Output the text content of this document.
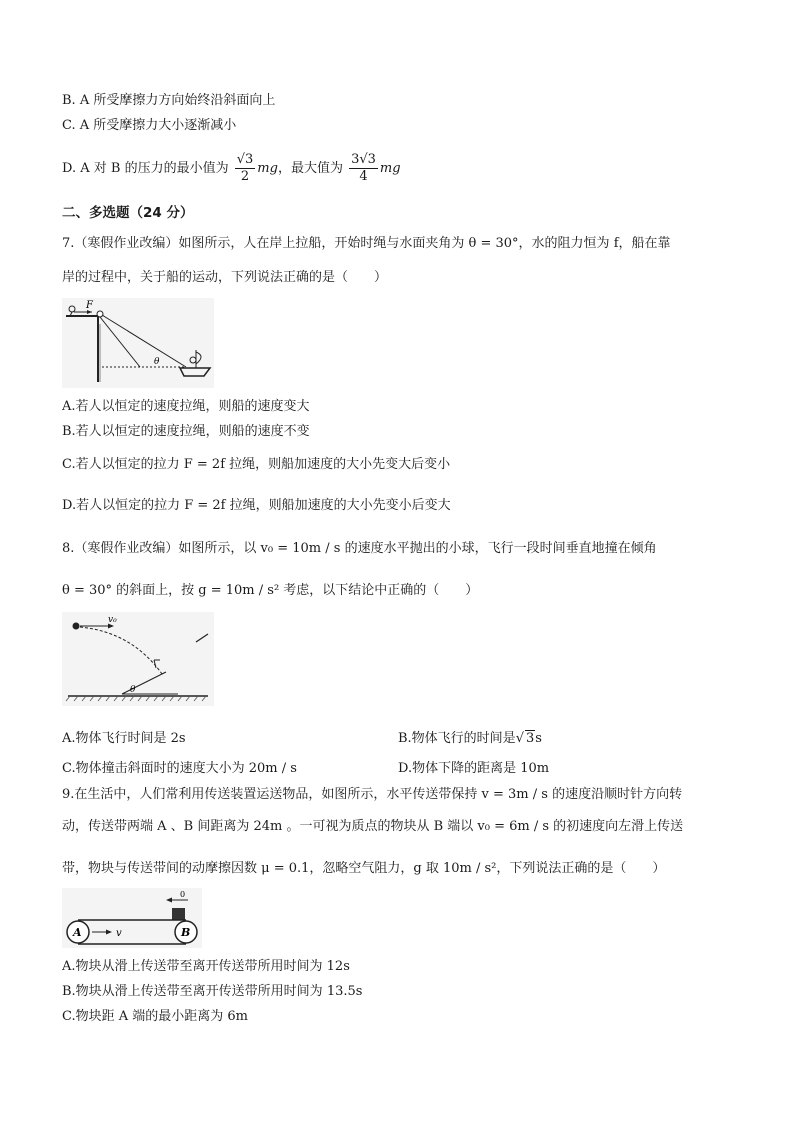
B. A 所受摩擦力方向始终沿斜面向上
C. A 所受摩擦力大小逐渐减小
D. A 对 B 的压力的最小值为 $\frac{√3}{2}$ mg，最大值为 $\frac{3√3}{4}$ mg
二、多选题（24 分）
7.（寒假作业改编）如图所示，人在岸上拉船，开始时绳与水面夹角为 θ = 30°，水的阻力恒为 f，船在靠
岸的过程中，关于船的运动，下列说法正确的是（　　）
F
θ
A.若人以恒定的速度拉绳，则船的速度变大
B.若人以恒定的速度拉绳，则船的速度不变
C.若人以恒定的拉力 F = 2f 拉绳，则船加速度的大小先变大后变小
D.若人以恒定的拉力 F = 2f 拉绳，则船加速度的大小先变小后变大
8.（寒假作业改编）如图所示，以 v₀ = 10m / s 的速度水平抛出的小球，飞行一段时间垂直地撞在倾角
θ = 30° 的斜面上，按 g = 10m / s² 考虑，以下结论中正确的（　　）
v₀
θ
A.物体飞行时间是 2s	B.物体飞行的时间是√ 3s
C.物体撞击斜面时的速度大小为 20m / s	D.物体下降的距离是 10m
9.在生活中，人们常利用传送装置运送物品，如图所示，水平传送带保持 v = 3m / s 的速度沿顺时针方向转
动，传送带两端 A 、B 间距离为 24m 。一可视为质点的物块从 B 端以 v₀ = 6m / s 的初速度向左滑上传送
带，物块与传送带间的动摩擦因数 μ = 0.1，忽略空气阻力，g 取 10m / s²，下列说法正确的是（　　）
0
A	B
v
A.物块从滑上传送带至离开传送带所用时间为 12s
B.物块从滑上传送带至离开传送带所用时间为 13.5s
C.物块距 A 端的最小距离为 6m
